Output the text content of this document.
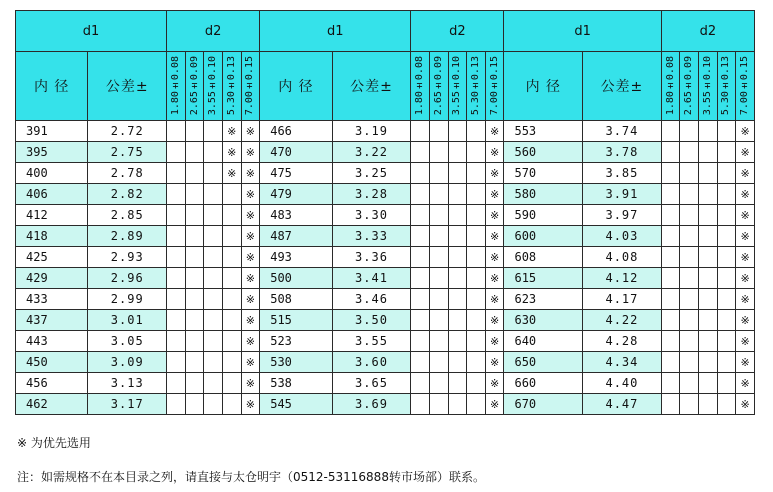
d1		d2					d1		d2					d1		d2				
内 径	公差±	1.80±0.08	2.65±0.09	3.55±0.10	5.30±0.13	7.00±0.15	内 径	公差±	1.80±0.08	2.65±0.09	3.55±0.10	5.30±0.13	7.00±0.15	内 径	公差±	1.80±0.08	2.65±0.09	3.55±0.10	5.30±0.13	7.00±0.15

391	2.72				※	※	466	3.19					※	553	3.74					※
395	2.75				※	※	470	3.22					※	560	3.78					※
400	2.78				※	※	475	3.25					※	570	3.85					※
406	2.82					※	479	3.28					※	580	3.91					※
412	2.85					※	483	3.30					※	590	3.97					※
418	2.89					※	487	3.33					※	600	4.03					※
425	2.93					※	493	3.36					※	608	4.08					※
429	2.96					※	500	3.41					※	615	4.12					※
433	2.99					※	508	3.46					※	623	4.17					※
437	3.01					※	515	3.50					※	630	4.22					※
443	3.05					※	523	3.55					※	640	4.28					※
450	3.09					※	530	3.60					※	650	4.34					※
456	3.13					※	538	3.65					※	660	4.40					※
462	3.17					※	545	3.69					※	670	4.47					※
※ 为优先选用
注：如需规格不在本目录之列，请直接与太仓明宇（0512-53116888转市场部）联系。
